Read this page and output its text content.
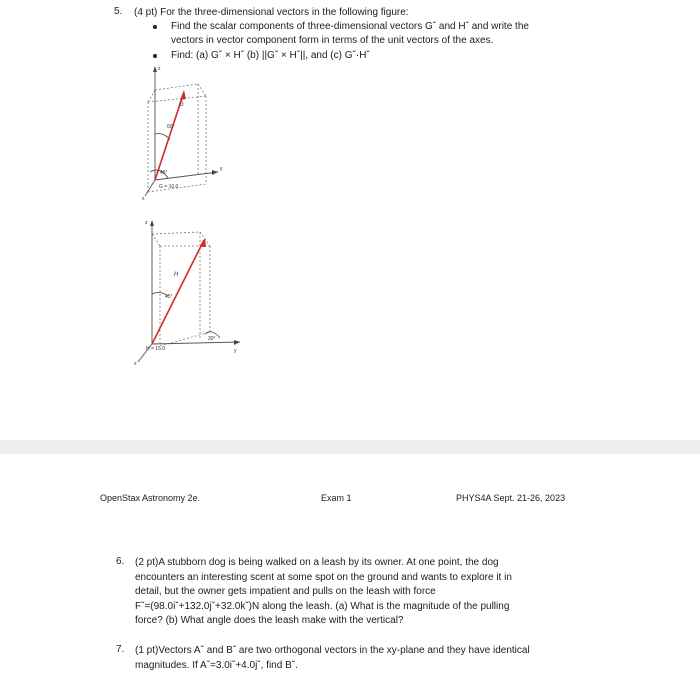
5. (4 pt) For the three-dimensional vectors in the following figure:
Find the scalar components of three-dimensional vectors Gˇ and Hˇ and write the
vectors in vector component form in terms of the unit vectors of the axes.
Find: (a) Gˇ × Hˇ (b) ||Gˇ × Hˇ||, and (c) Gˇ·Hˇ
G
60°
45°
G = 10.0
z
y
x
H
45°
30°
H = 15.0
z
y
x
OpenStax Astronomy 2e.	Exam 1	PHYS4A Sept. 21-26, 2023
6. (2 pt)A stubborn dog is being walked on a leash by its owner. At one point, the dog
encounters an interesting scent at some spot on the ground and wants to explore it in
detail, but the owner gets impatient and pulls on the leash with force
Fˇ=(98.0iˇ+132.0jˇ+32.0kˇ)N along the leash. (a) What is the magnitude of the pulling
force? (b) What angle does the leash make with the vertical?
7. (1 pt)Vectors Aˇ and Bˇ are two orthogonal vectors in the xy-plane and they have identical
magnitudes. If Aˇ=3.0iˇ+4.0jˇ, find Bˇ.
